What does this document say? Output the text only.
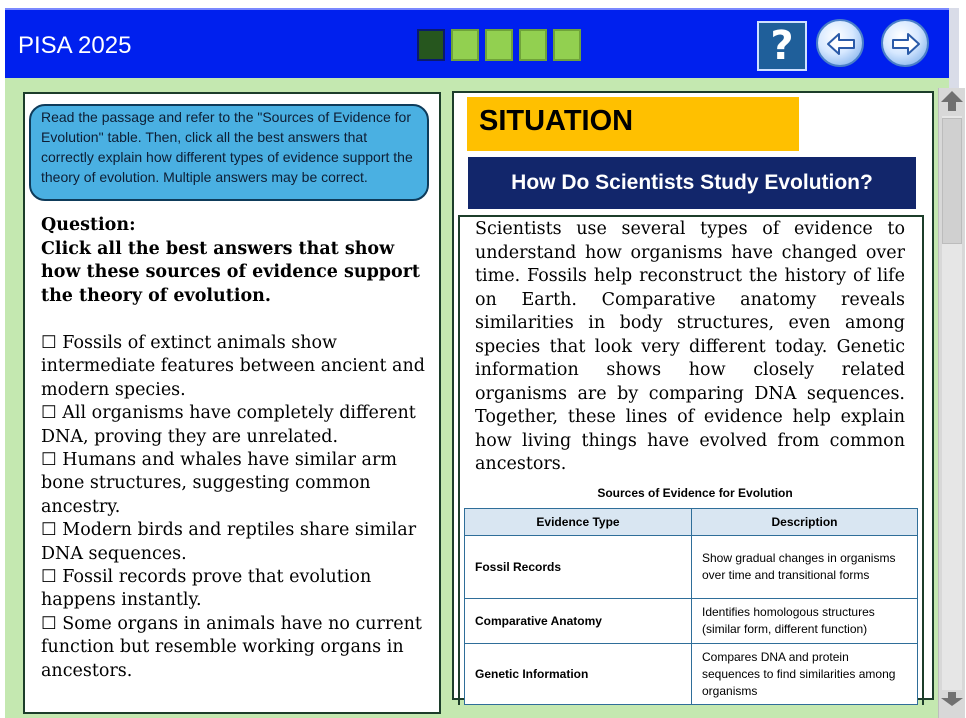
PISA 2025	?
Read the passage and refer to the "Sources of Evidence for Evolution" table. Then, click all the best answers that correctly explain how different types of evidence support the theory of evolution. Multiple answers may be correct.
Question:
Click all the best answers that show how these sources of evidence support the theory of evolution.

☐ Fossils of extinct animals show intermediate features between ancient and modern species.

☐ All organisms have completely different DNA, proving they are unrelated.

☐ Humans and whales have similar arm bone structures, suggesting common ancestry.

☐ Modern birds and reptiles share similar DNA sequences.

☐ Fossil records prove that evolution happens instantly.

☐ Some organs in animals have no current function but resemble working organs in ancestors.

SITUATION
How Do Scientists Study Evolution?

Scientists use several types of evidence to understand how organisms have changed over time. Fossils help reconstruct the history of life on Earth. Comparative anatomy reveals similarities in body structures, even among species that look very different today. Genetic information shows how closely related organisms are by comparing DNA sequences. Together, these lines of evidence help explain how living things have evolved from common ancestors.

Sources of Evidence for Evolution
Evidence Type	Description
Fossil Records	Show gradual changes in organisms over time and transitional forms
Comparative Anatomy	Identifies homologous structures (similar form, different function)
Genetic Information	Compares DNA and protein sequences to find similarities among organisms
